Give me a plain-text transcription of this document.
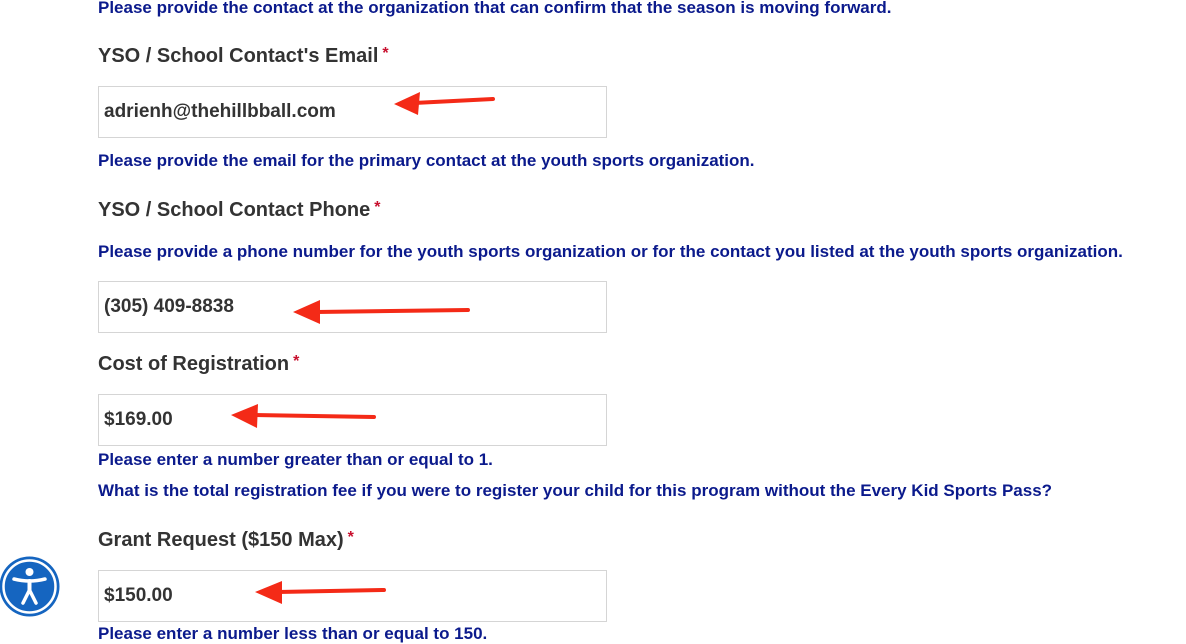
Please provide the contact at the organization that can confirm that the season is moving forward.

YSO / School Contact's Email *
adrienh@thehillbball.com

Please provide the email for the primary contact at the youth sports organization.

YSO / School Contact Phone *

Please provide a phone number for the youth sports organization or for the contact you listed at the youth sports organization.

(305) 409-8838
Cost of Registration *
$169.00

Please enter a number greater than or equal to 1.

What is the total registration fee if you were to register your child for this program without the Every Kid Sports Pass?

Grant Request ($150 Max) *
$150.00

Please enter a number less than or equal to 150.
